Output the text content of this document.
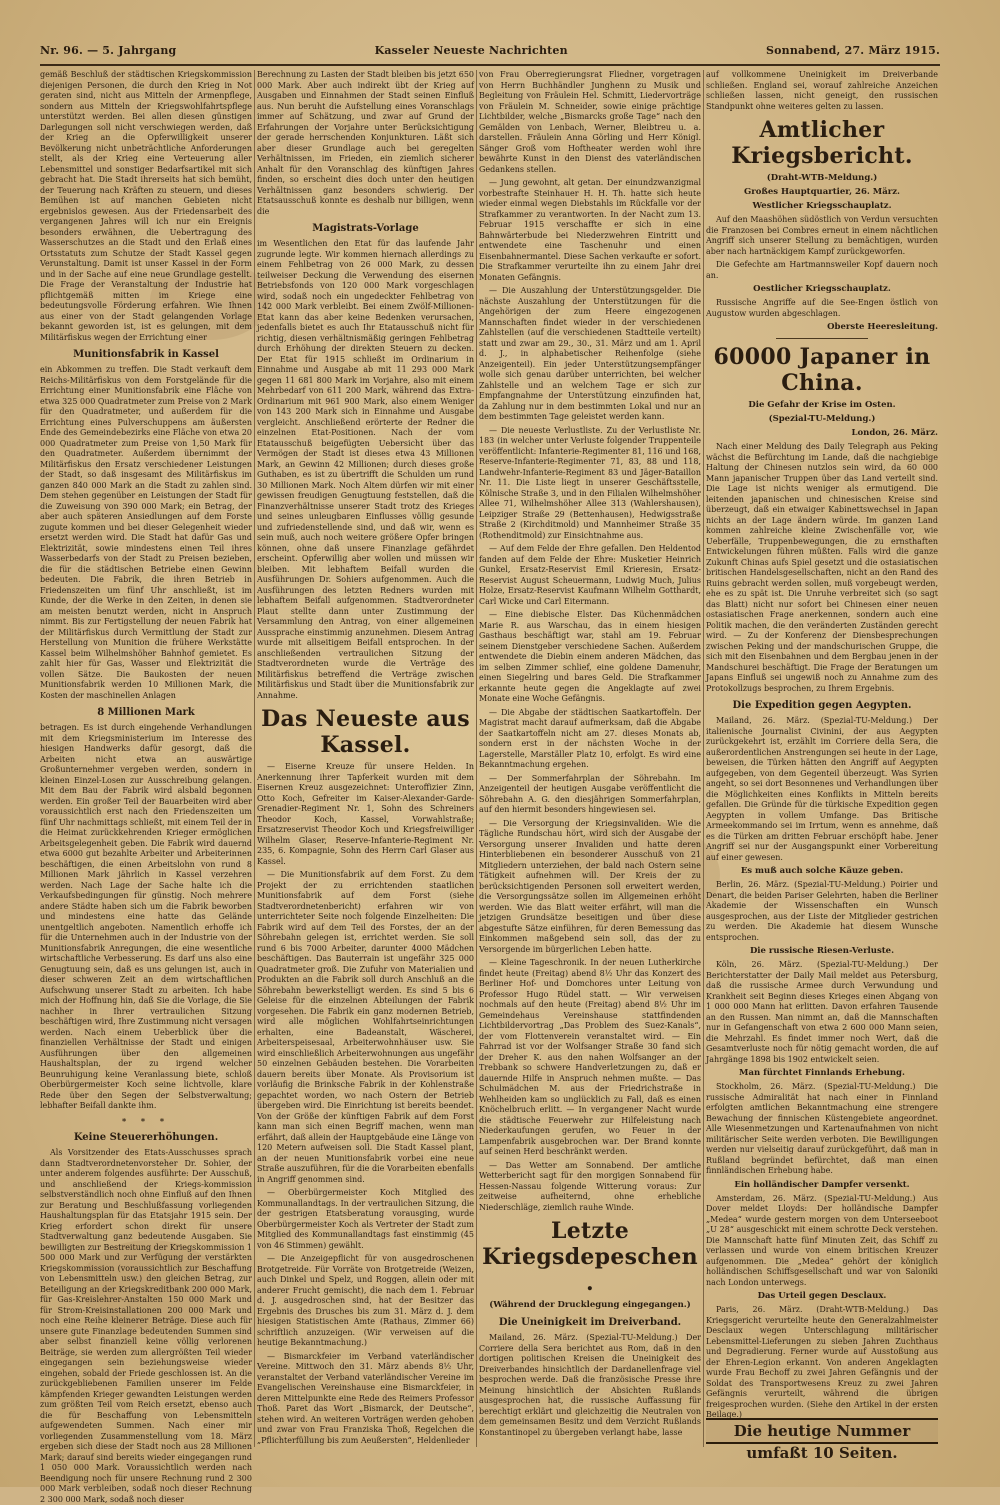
Nr. 96. — 5. Jahrgang	Kasseler Neueste Nachrichten	Sonnabend, 27. März 1915.

gemäß Beschluß der städtischen Kriegskommission diejenigen Personen, die durch den Krieg in Not geraten sind, nicht aus Mitteln der Armenpflege, sondern aus Mitteln der Kriegswohlfahrtspflege unterstützt werden. Bei allen diesen günstigen Darlegungen soll nicht verschwiegen werden, daß der Krieg an die Opferwilligkeit unserer Bevölkerung nicht unbeträchtliche Anforderungen stellt, als der Krieg eine Verteuerung aller Lebensmittel und sonstiger Bedarfsartikel mit sich gebracht hat. Die Stadt ihrerseits hat sich bemüht, der Teuerung nach Kräften zu steuern, und dieses Bemühen ist auf manchen Gebieten nicht ergebnislos gewesen. Aus der Friedensarbeit des vergangenen Jahres will ich nur ein Ereignis besonders erwähnen, die Uebertragung des Wasserschutzes an die Stadt und den Erlaß eines Ortsstatuts zum Schutze der Stadt Kassel gegen Verunstaltung. Damit ist unser Kassel in der Form und in der Sache auf eine neue Grundlage gestellt. Die Frage der Veranstaltung der Industrie hat pflichtgemäß mitten im Kriege eine bedeutungsvolle Förderung erfahren. Wie Ihnen aus einer von der Stadt gelangenden Vorlage bekannt geworden ist, ist es gelungen, mit dem Militärfiskus wegen der Errichtung einer

Munitionsfabrik in Kassel

ein Abkommen zu treffen. Die Stadt verkauft dem Reichs-Militärfiskus von dem Forstgelände für die Errichtung einer Munitionsfabrik eine Fläche von etwa 325 000 Quadratmeter zum Preise von 2 Mark für den Quadratmeter, und außerdem für die Errichtung eines Pulverschuppens am äußersten Ende des Gemeindebezirks eine Fläche von etwa 20 000 Quadratmeter zum Preise von 1,50 Mark für den Quadratmeter. Außerdem übernimmt der Militärfiskus den Ersatz verschiedener Leistungen der Stadt, so daß insgesamt des Militärfiskus im ganzen 840 000 Mark an die Stadt zu zahlen sind. Dem stehen gegenüber en Leistungen der Stadt für die Zuweisung von 390 000 Mark; ein Betrag, der aber auch späteren Ansiedlungen auf dem Forste zugute kommen und bei dieser Gelegenheit wieder ersetzt werden wird. Die Stadt hat dafür Gas und Elektrizität, sowie mindestens einen Teil ihres Wasserbedarfs von der Stadt zu Preisen bezieben, die für die städtischen Betriebe einen Gewinn bedeuten. Die Fabrik, die ihren Betrieb in Friedenszeiten um fünf Uhr anschließt, ist im Kunde, der die Werke in den Zeiten, in denen sie am meisten benutzt werden, nicht in Anspruch nimmt. Bis zur Fertigstellung der neuen Fabrik hat der Militärfiskus durch Vermittlung der Stadt zur Herstellung von Munition die frühere Werkstätte Kassel beim Wilhelmshöher Bahnhof gemietet. Es zahlt hier für Gas, Wasser und Elektrizität die vollen Sätze. Die Baukosten der neuen Munitionsfabrik werden 10 Millionen Mark, die Kosten der maschinellen Anlagen

8 Millionen Mark

betragen. Es ist durch eingehende Verhandlungen mit dem Kriegsministerium im Interesse des hiesigen Handwerks dafür gesorgt, daß die Arbeiten nicht etwa an auswärtige Großunternehmer vergeben werden, sondern in kleinen Einzel-Losen zur Ausschreibung gelangen. Mit dem Bau der Fabrik wird alsbald begonnen werden. Ein großer Teil der Bauarbeiten wird aber voraussichtlich erst nach den Friedenszeiten um fünf Uhr nachmittags schließt, mit einem Teil der in die Heimat zurückkehrenden Krieger ermöglichen Arbeitsgelegenheit geben. Die Fabrik wird dauernd etwa 6000 gut bezahlte Arbeiter und Arbeiterinnen beschäftigen, die einen Arbeitslohn von rund 8 Millionen Mark jährlich in Kassel verzehren werden. Nach Lage der Sache halte ich die Verkaufsbedingungen für günstig. Noch mehrere andere Städte haben sich um die Fabrik beworben und mindestens eine hatte das Gelände unentgeltlich angeboten. Namentlich erhoffe ich für die Unternehmen auch in der Industrie von der Munitionsfabrik Anregungen, die eine wesentliche wirtschaftliche Verbesserung. Es darf uns also eine Genugtuung sein, daß es uns gelungen ist, auch in dieser schweren Zeit an dem wirtschaftlichen Aufschwung unserer Stadt zu arbeiten. Ich habe mich der Hoffnung hin, daß Sie die Vorlage, die Sie nachher in Ihrer vertraulichen Sitzung beschäftigen wird, Ihre Zustimmung nicht versagen werden. Nach einem Ueberblick über die finanziellen Verhältnisse der Stadt und einigen Ausführungen über den allgemeinen Haushaltsplan, der zu irgend welcher Beunruhigung keine Veranlassung biete, schloß Oberbürgermeister Koch seine lichtvolle, klare Rede über den Segen der Selbstverwaltung; lebhafter Beifall dankte ihm.

* * *
Keine Steuererhöhungen.

Als Vorsitzender des Etats-Ausschusses sprach dann Stadtverordnetenvorsteher Dr. Sohier, der unter anderem folgendes ausführte: Der Ausschuß, und anschließend der Kriegs-kommission selbstverständlich noch ohne Einfluß auf den Ihnen zur Beratung und Beschlußfassung vorliegenden Haushaltungsplan für das Etatsjahr 1915 sein. Der Krieg erfordert schon direkt für unsere Stadtverwaltung ganz bedeutende Ausgaben. Sie bewilligten zur Bestreitung der Kriegskommission 1 500 000 Mark und zur Verfügung der verstärkten Kriegskommission (voraussichtlich zur Beschaffung von Lebensmitteln usw.) den gleichen Betrag, zur Beteiligung an der Kriegskreditbank 200 000 Mark, für Gas-Kreislehrer-Anstalten 150 000 Mark und für Strom-Kreisinstallationen 200 000 Mark und noch eine Reihe kleinerer Beträge. Diese auch für unsere gute Finanzlage bedeutenden Summen sind aber selbst finanziell keine völlig verlorenen Beiträge, sie werden zum allergrößten Teil wieder eingegangen sein beziehungsweise wieder eingehen, sobald der Friede geschlossen ist. An die zurückgebliebenen Familien unserer im Felde kämpfenden Krieger gewandten Leistungen werden zum größten Teil vom Reich ersetzt, ebenso auch die für Beschaffung von Lebensmitteln aufgewendeten Summen. Nach einer mir vorliegenden Zusammenstellung vom 18. März ergeben sich diese der Stadt noch aus 28 Millionen Mark; darauf sind bereits wieder eingegangen rund 1 050 000 Mark. Voraussichtlich werden nach Beendigung noch für unsere Rechnung rund 2 300 000 Mark verbleiben, sodaß noch dieser Rechnung 2 300 000 Mark, sodaß noch dieser

Berechnung zu Lasten der Stadt bleiben bis jetzt 650 000 Mark. Aber auch indirekt übt der Krieg auf Ausgaben und Einnahmen der Stadt seinen Einfluß aus. Nun beruht die Aufstellung eines Voranschlags immer auf Schätzung, und zwar auf Grund der Erfahrungen der Vorjahre unter Berücksichtigung der gerade herrschenden Konjunkturen. Läßt sich aber dieser Grundlage auch bei geregelten Verhältnissen, im Frieden, ein ziemlich sicherer Anhalt für den Voranschlag des künftigen Jahres finden, so erscheint dies doch unter den heutigen Verhältnissen ganz besonders schwierig. Der Etatsausschuß konnte es deshalb nur billigen, wenn die

Magistrats-Vorlage

im Wesentlichen den Etat für das laufende Jahr zugrunde legte. Wir kommen hiernach allerdings zu einem Fehlbetrag von 26 000 Mark, zu dessen teilweiser Deckung die Verwendung des eisernen Betriebsfonds von 120 000 Mark vorgeschlagen wird, sodaß noch ein ungedeckter Fehlbetrag von 142 000 Mark verbleibt. Bei einem Zwölf-Millionen-Etat kann das aber keine Bedenken verursachen, jedenfalls bietet es auch Ihr Etatausschuß nicht für richtig, diesen verhältnismäßig geringen Fehlbetrag durch Erhöhung der direkten Steuern zu decken. Der Etat für 1915 schließt im Ordinarium in Einnahme und Ausgabe ab mit 11 293 000 Mark gegen 11 681 800 Mark im Vorjahre, also mit einem Mehrbedarf von 611 200 Mark, während das Extra-Ordinarium mit 961 900 Mark, also einem Weniger von 143 200 Mark sich in Einnahme und Ausgabe vergleicht. Anschließend erörterte der Redner die einzelnen Etat-Positionen. Nach der vom Etatausschuß beigefügten Uebersicht über das Vermögen der Stadt ist dieses etwa 43 Millionen Mark, an Gewinn 42 Millionen; durch dieses große Guthaben, es ist zu übertrifft die Schulden um rund 30 Millionen Mark. Noch Altem dürfen wir mit einer gewissen freudigen Genugtuung feststellen, daß die Finanzverhältnisse unserer Stadt trotz des Krieges und seines unleugbaren Einflusses völlig gesunde und zufriedenstellende sind, und daß wir, wenn es sein muß, auch noch weitere größere Opfer bringen können, ohne daß unsere Finanzlage gefährdet erscheint. Opferwillig aber wollen und müssen wir bleiben. Mit lebhaftem Beifall wurden die Ausführungen Dr. Sohiers aufgenommen. Auch die Ausführungen des letzten Redners wurden mit lebhaftem Beifall aufgenommen. Stadtverordneter Plaut stellte dann unter Zustimmung der Versammlung den Antrag, von einer allgemeinen Aussprache einstimmig anzunehmen. Diesem Antrag wurde mit allseitigem Beifall entsprochen. In der anschließenden vertraulichen Sitzung der Stadtverordneten wurde die Verträge des Militärfiskus betreffend die Verträge zwischen Militärfiskus und Stadt über die Munitionsfabrik zur Annahme.

Das Neueste aus Kassel.

— Eiserne Kreuze für unsere Helden. In Anerkennung ihrer Tapferkeit wurden mit dem Eisernen Kreuz ausgezeichnet: Unteroffizier Zinn, Otto Koch, Gefreiter im Kaiser-Alexander-Garde-Grenadier-Regiment Nr. 1, Sohn des Schreiners Theodor Koch, Kassel, Vorwahlstraße; Ersatzreservist Theodor Koch und Kriegsfreiwilliger Wilhelm Glaser, Reserve-Infanterie-Regiment Nr. 235, 6. Kompagnie, Sohn des Herrn Carl Glaser aus Kassel.

— Die Munitionsfabrik auf dem Forst. Zu dem Projekt der zu errichtenden staatlichen Munitionsfabrik auf dem Forst (siehe Stadtverordnetenbericht) erfahren wir von unterrichteter Seite noch folgende Einzelheiten: Die Fabrik wird auf dem Teil des Forstes, der an der Söhrebahn gelegen ist, errichtet werden. Sie soll rund 6 bis 7000 Arbeiter, darunter 4000 Mädchen beschäftigen. Das Bauterrain ist ungefähr 325 000 Quadratmeter groß. Die Zufuhr von Materialien und Produkten an die Fabrik soll durch Anschluß an die Söhrebahn bewerkstelligt werden. Es sind 5 bis 6 Geleise für die einzelnen Abteilungen der Fabrik vorgesehen. Die Fabrik ein ganz modernen Betrieb, wird alle möglichen Wohlfahrtseinrichtungen erhalten, eine Badeanstalt, Wäscherei, Arbeiterspeisesaal, Arbeiterwohnhäuser usw. Sie wird einschließlich Arbeiterwohnungen aus ungefähr 50 einzelnen Gebäuden bestehen. Die Vorarbeiten dauern bereits über Monate. Als Provisorium ist vorläufig die Brinksche Fabrik in der Kohlenstraße gepachtet worden, wo nach Ostern der Betrieb übergeben wird. Die Einrichtung ist bereits beendet. Von der Größe der künftigen Fabrik auf dem Forst kann man sich einen Begriff machen, wenn man erfährt, daß allein der Hauptgebäude eine Länge von 120 Metern aufweisen soll. Die Stadt Kassel plant, an der neuen Munitionsfabrik vorbei eine neue Straße auszuführen, für die die Vorarbeiten ebenfalls in Angriff genommen sind.

— Oberbürgermeister Koch Mitglied des Kommunallandtags. In der vertraulichen Sitzung, die der gestrigen Etatsberatung vorausging, wurde Oberbürgermeister Koch als Vertreter der Stadt zum Mitglied des Kommunallandtags fast einstimmig (45 von 46 Stimmen) gewählt.

— Die Anzeigepflicht für von ausgedroschenen Brotgetreide. Für Vorräte von Brotgetreide (Weizen, auch Dinkel und Spelz, und Roggen, allein oder mit anderer Frucht gemischt), die nach dem 1. Februar d. J. ausgedroschen sind, hat der Besitzer das Ergebnis des Drusches bis zum 31. März d. J. dem hiesigen Statistischen Amte (Rathaus, Zimmer 66) schriftlich anzuzeigen. (Wir verweisen auf die heutige Bekanntmachung.)

— Bismarckfeier im Verband vaterländischer Vereine. Mittwoch den 31. März abends 8½ Uhr, veranstaltet der Verband vaterländischer Vereine im Evangelischen Vereinshause eine Bismarckfeier, in deren Mittelpunkte eine Rede des Reimers Professor Thoß. Paret das Wort „Bismarck, der Deutsche“, stehen wird. An weiteren Vorträgen werden gehoben und zwar von Frau Franziska Thoß, Regelchen die „Pflichterfüllung bis zum Aeußersten“, Heldenlieder

von Frau Oberregierungsrat Fliedner, vorgetragen von Herrn Buchhändler Junghenn zu Musik und Begleitung von Fräulein Hel. Schmitt, Liedervorträge von Fräulein M. Schneider, sowie einige prächtige Lichtbilder, welche „Bismarcks große Tage“ nach den Gemälden von Lenbach, Werner, Bleibtreu u. a. darstellen. Fräulein Anna Görling und Herr Königl. Sänger Groß vom Hoftheater werden wohl ihre bewährte Kunst in den Dienst des vaterländischen Gedankens stellen.

— Jung gewohnt, alt getan. Der einundzwanzigmal vorbestrafte Steinhauer H. H. Th. hatte sich heute wieder einmal wegen Diebstahls im Rückfalle vor der Strafkammer zu verantworten. In der Nacht zum 13. Februar 1915 verschaffte er sich in eine Bahnwärterbude bei Niederzwehren Eintritt und entwendete eine Taschenuhr und einen Eisenbahnermantel. Diese Sachen verkaufte er sofort. Die Strafkammer verurteilte ihn zu einem Jahr drei Monaten Gefängnis.

— Die Auszahlung der Unterstützungsgelder. Die nächste Auszahlung der Unterstützungen für die Angehörigen der zum Heere eingezogenen Mannschaften findet wieder in der verschiedenen Zahlstellen (auf die verschiedenen Stadtteile verteilt) statt und zwar am 29., 30., 31. März und am 1. April d. J., in alphabetischer Reihenfolge (siehe Anzeigenteil). Ein jeder Unterstützungsempfänger wolle sich genau darüber unterrichten, bei welcher Zahlstelle und an welchem Tage er sich zur Empfangnahme der Unterstützung einzufinden hat, da Zahlung nur in dem bestimmten Lokal und nur an dem bestimmten Tage geleistet werden kann.

— Die neueste Verlustliste. Zu der Verlustliste Nr. 183 (in welcher unter Verluste folgender Truppenteile veröffentlicht: Infanterie-Regimenter 81, 116 und 168, Reserve-Infanterie-Regimenter 71, 83, 88 und 118, Landwehr-Infanterie-Regiment 83 und Jäger-Bataillon Nr. 11. Die Liste liegt in unserer Geschäftsstelle, Kölnische Straße 3, und in den Filialen Wilhelmshöher Allee 71, Wilhelmshöher Allee 313 (Wahlershausen), Leipziger Straße 29 (Bettenhausen), Hedwigsstraße Straße 2 (Kirchditmold) und Mannheimer Straße 35 (Rothenditmold) zur Einsichtnahme aus.

— Auf dem Felde der Ehre gefallen. Den Heldentod fanden auf dem Felde der Ehre: Musketier Heinrich Gunkel, Ersatz-Reservist Emil Krieresin, Ersatz-Reservist August Scheuermann, Ludwig Much, Julius Holze, Ersatz-Reservist Kaufmann Wilhelm Gotthardt, Carl Wicke und Carl Eitermann.

— Eine diebische Elster. Das Küchenmädchen Marie R. aus Warschau, das in einem hiesigen Gasthaus beschäftigt war, stahl am 19. Februar seinem Dienstgeber verschiedene Sachen. Außerdem entwendete die Diebin einem anderen Mädchen, das im selben Zimmer schlief, eine goldene Damenuhr, einen Siegelring und bares Geld. Die Strafkammer erkannte heute gegen die Angeklagte auf zwei Monate eine Woche Gefängnis.

— Die Abgabe der städtischen Saatkartoffeln. Der Magistrat macht darauf aufmerksam, daß die Abgabe der Saatkartoffeln nicht am 27. dieses Monats ab, sondern erst in der nächsten Woche in der Lagerstelle, Marställer Platz 10, erfolgt. Es wird eine Bekanntmachung ergehen.

— Der Sommerfahrplan der Söhrebahn. Im Anzeigenteil der heutigen Ausgabe veröffentlicht die Söhrebahn A. G. den diesjährigen Sommerfahrplan, auf den hiermit besonders hingewiesen sei.

— Die Versorgung der Kriegsinvaliden. Wie die Tägliche Rundschau hört, wird sich der Ausgabe der Versorgung unserer Invaliden und hatte deren Hinterbliebenen ein besonderer Ausschuß von 21 Mitgliedern unterziehen, der bald nach Ostern seine Tätigkeit aufnehmen will. Der Kreis der zu berücksichtigenden Personen soll erweitert werden, die Versorgungssätze sollen im Allgemeinen erhöht werden. Wie das Blatt weiter erfährt, will man die jetzigen Grundsätze beseitigen und über diese abgestufte Sätze einführen, für deren Bemessung das Einkommen maßgebend sein soll, das der zu Versorgende im bürgerlichen Leben hatte.

— Kleine Tageschronik. In der neuen Lutherkirche findet heute (Freitag) abend 8½ Uhr das Konzert des Berliner Hof- und Domchores unter Leitung von Professor Hugo Rüdel statt. — Wir verweisen nochmals auf den heute (Freitag) abend 8½ Uhr im Gemeindehaus Vereinshause stattfindenden Lichtbildervortrag „Das Problem des Suez-Kanals“, der vom Flottenverein veranstaltet wird. — Ein Fahrrad ist vor der Wolfsanger Straße 30 fand sich der Dreher K. aus den nahen Wolfsanger an der Trebbank so schwere Handverletzungen zu, daß er dauernde Hilfe in Anspruch nehmen mußte. — Das Schulmädchen M. aus der Friedrichstraße in Wehlheiden kam so unglücklich zu Fall, daß es einen Knöchelbruch erlitt. — In vergangener Nacht wurde die städtische Feuerwehr zur Hilfeleistung nach Niederkaufungen gerufen, wo Feuer in der Lampenfabrik ausgebrochen war. Der Brand konnte auf seinen Herd beschränkt werden.

— Das Wetter am Sonnabend. Der amtliche Wetterbericht sagt für den morgigen Sonnabend für Hessen-Nassau folgende Witterung voraus: Zur zeitweise aufheiternd, ohne erhebliche Niederschläge, ziemlich rauhe Winde.

Letzte Kriegsdepeschen.
(Während der Drucklegung eingegangen.)
Die Uneinigkeit im Dreiverband.

Mailand, 26. März. (Spezial-TU-Meldung.) Der Corriere della Sera berichtet aus Rom, daß in den dortigen politischen Kreisen die Uneinigkeit des Dreiverbandes hinsichtlich der Dardanellenfrage viel besprochen werde. Daß die französische Presse ihre Meinung hinsichtlich der Absichten Rußlands ausgesprochen hat, die russische Auffassung für berechtigt erklärt und gleichzeitig die Neutralen von dem gemeinsamen Besitz und dem Verzicht Rußlands Konstantinopel zu übergeben verlangt habe, lasse

auf vollkommene Uneinigkeit im Dreiverbande schließen. England sei, worauf zahlreiche Anzeichen schließen lassen, nicht geneigt, den russischen Standpunkt ohne weiteres gelten zu lassen.

Amtlicher Kriegsbericht.
(Draht-WTB-Meldung.)
Großes Hauptquartier, 26. März.
Westlicher Kriegsschauplatz.

Auf den Maashöhen südöstlich von Verdun versuchten die Franzosen bei Combres erneut in einem nächtlichen Angriff sich unserer Stellung zu bemächtigen, wurden aber nach hartnäckigem Kampf zurückgeworfen.

Die Gefechte am Hartmannsweiler Kopf dauern noch an.

Oestlicher Kriegsschauplatz.

Russische Angriffe auf die See-Engen östlich von Augustow wurden abgeschlagen.

Oberste Heeresleitung.
60000 Japaner in China.
Die Gefahr der Krise im Osten.
(Spezial-TU-Meldung.)
London, 26. März.

Nach einer Meldung des Daily Telegraph aus Peking wächst die Befürchtung im Lande, daß die nachgiebige Haltung der Chinesen nutzlos sein wird, da 60 000 Mann japanischer Truppen über das Land verteilt sind. Die Lage ist nichts weniger als ermutigend. Die leitenden japanischen und chinesischen Kreise sind überzeugt, daß ein etwaiger Kabinettswechsel in Japan nichts an der Lage ändern würde. Im ganzen Land kommen zahlreiche kleine Zwischenfälle vor, wie Ueberfälle, Truppenbewegungen, die zu ernsthaften Entwickelungen führen müßten. Falls wird die ganze Zukunft Chinas aufs Spiel gesetzt und die ostasiatischen britischen Handelsgesellschaften, nicht an den Rand des Ruins gebracht werden sollen, muß vorgebeugt werden, ehe es zu spät ist. Die Unruhe verbreitet sich (so sagt das Blatt) nicht nur sofort bei Chinesen einer neuen ostasiatischen Frage anerkennen, sondern auch eine Politik machen, die den veränderten Zuständen gerecht wird. — Zu der Konferenz der Diensbesprechungen zwischen Peking und der mandschurischen Gruppe, die sich mit den Eisenbahnen und dem Bergbau jenen in der Mandschurei beschäftigt. Die Frage der Beratungen um Japans Einfluß sei ungewiß noch zu Annahme zum des Protokollzugs besprochen, zu Ihrem Ergebnis.

Die Expedition gegen Aegypten.

Mailand, 26. März. (Spezial-TU-Meldung.) Der italienische Journalist Civinini, der aus Aegypten zurückgekehrt ist, erzählt im Corriere della Sera, die außerordentlichen Anstrengungen sei heute in der Lage, beweisen, die Türken hätten den Angriff auf Aegypten aufgegeben, von dem Gegenteil überzeugt. Was Syrien angeht, so sei dort Besonnenes und Verhandlungen über die Möglichkeiten eines Konflikts in Mitteln bereits gefallen. Die Gründe für die türkische Expedition gegen Aegypten in vollem Umfange. Das Britische Armeekommando sei im Irrtum, wenn es annehme, daß es die Türken am dritten Februar erschöpft habe. Jener Angriff sei nur der Ausgangspunkt einer Vorbereitung auf einer gewesen.

Es muß auch solche Käuze geben.

Berlin, 26. März. (Spezial-TU-Meldung.) Poirier und Denart, die beiden Pariser Gelehrten, haben die Berliner Akademie der Wissenschaften ein Wunsch ausgesprochen, aus der Liste der Mitglieder gestrichen zu werden. Die Akademie hat diesem Wunsche entsprochen.

Die russische Riesen-Verluste.

Köln, 26. März. (Spezial-TU-Meldung.) Der Berichterstatter der Daily Mail meldet aus Petersburg, daß die russische Armee durch Verwundung und Krankheit seit Beginn dieses Krieges einen Abgang von 1 000 000 Mann hat erlitten. Davon erfahren Tausende an den Russen. Man nimmt an, daß die Mannschaften nur in Gefangenschaft von etwa 2 600 000 Mann seien, die Mehrzahl. Es findet immer noch Wert, daß die Gesamtverluste noch für nötig gemacht worden, die auf Jahrgänge 1898 bis 1902 entwickelt seien.

Man fürchtet Finnlands Erhebung.

Stockholm, 26. März. (Spezial-TU-Meldung.) Die russische Admiralität hat nach einer in Finnland erfolgten amtlichen Bekanntmachung eine strengere Bewachung der finnischen Küstengebiete angeordnet. Alle Wiesenmetzungen und Kartenaufnahmen von nicht militärischer Seite werden verboten. Die Bewilligungen werden nur vielseitig darauf zurückgeführt, daß man in Rußland begründet befürchtet, daß man einen finnländischen Erhebung habe.

Ein holländischer Dampfer versenkt.

Amsterdam, 26. März. (Spezial-TU-Meldung.) Aus Dover meldet Lloyds: Der holländische Dampfer „Medea“ wurde gestern morgen von dem Unterseeboot „U 28“ ausgeschickt mit einem schrotte Deck verstehen. Die Mannschaft hatte fünf Minuten Zeit, das Schiff zu verlassen und wurde von einem britischen Kreuzer aufgenommen. Die „Medea“ gehört der königlich holländischen Schiffsgesellschaft und war von Saloniki nach London unterwegs.

Das Urteil gegen Desclaux.

Paris, 26. März. (Draht-WTB-Meldung.) Das Kriegsgericht verurteilte heute den Generalzahlmeister Desclaux wegen Unterschlagung militärischer Lebensmittel-Lieferungen zu sieben Jahren Zuchthaus und Degradierung. Ferner wurde auf Ausstoßung aus der Ehren-Legion erkannt. Von anderen Angeklagten wurde Frau Bechoff zu zwei Jahren Gefängnis und der Soldat des Transportwesens Kreuz zu zwei Jahren Gefängnis verurteilt, während die übrigen freigesprochen wurden. (Siehe den Artikel in der ersten Beilage.)

Die heutige Nummer umfaßt 10 Seiten.
